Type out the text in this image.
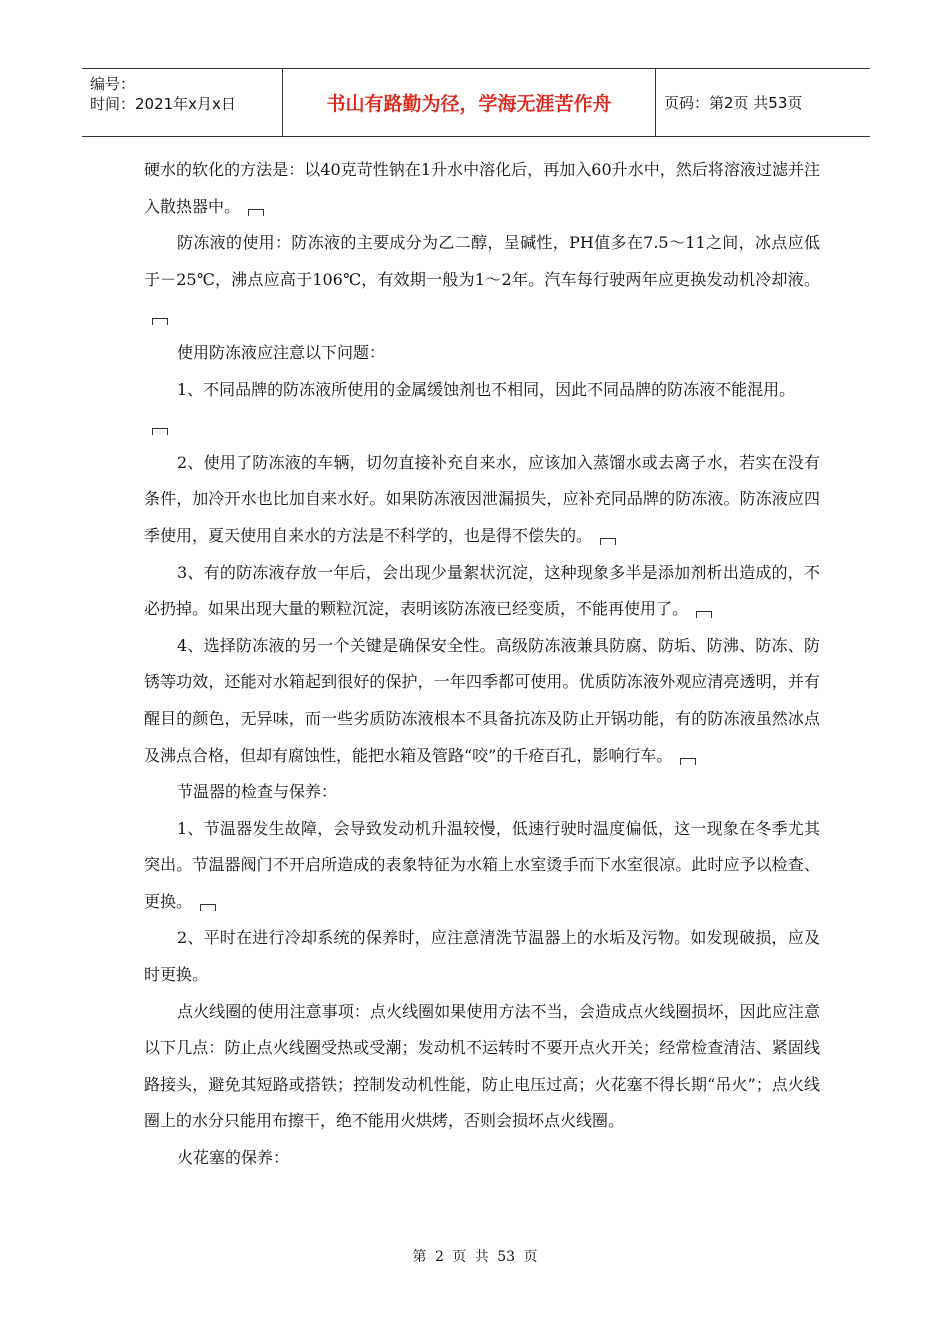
编号：
时间：2021年x月x日	书山有路勤为径，学海无涯苦作舟	页码：第2页 共53页

硬水的软化的方法是：以40克苛性钠在1升水中溶化后，再加入60升水中，然后将溶液过滤并注入散热器中。

防冻液的使用：防冻液的主要成分为乙二醇，呈碱性，PH值多在7.5～11之间，冰点应低于－25℃，沸点应高于106℃，有效期一般为1～2年。汽车每行驶两年应更换发动机冷却液。

使用防冻液应注意以下问题：

1、不同品牌的防冻液所使用的金属缓蚀剂也不相同，因此不同品牌的防冻液不能混用。

2、使用了防冻液的车辆，切勿直接补充自来水，应该加入蒸馏水或去离子水，若实在没有条件，加冷开水也比加自来水好。如果防冻液因泄漏损失，应补充同品牌的防冻液。防冻液应四季使用，夏天使用自来水的方法是不科学的，也是得不偿失的。

3、有的防冻液存放一年后，会出现少量絮状沉淀，这种现象多半是添加剂析出造成的，不必扔掉。如果出现大量的颗粒沉淀，表明该防冻液已经变质，不能再使用了。

4、选择防冻液的另一个关键是确保安全性。高级防冻液兼具防腐、防垢、防沸、防冻、防锈等功效，还能对水箱起到很好的保护，一年四季都可使用。优质防冻液外观应清亮透明，并有醒目的颜色，无异味，而一些劣质防冻液根本不具备抗冻及防止开锅功能，有的防冻液虽然冰点及沸点合格，但却有腐蚀性，能把水箱及管路“咬”的千疮百孔，影响行车。

节温器的检查与保养：

1、节温器发生故障，会导致发动机升温较慢，低速行驶时温度偏低，这一现象在冬季尤其突出。节温器阀门不开启所造成的表象特征为水箱上水室烫手而下水室很凉。此时应予以检查、更换。

2、平时在进行冷却系统的保养时，应注意清洗节温器上的水垢及污物。如发现破损，应及时更换。

点火线圈的使用注意事项：点火线圈如果使用方法不当，会造成点火线圈损坏，因此应注意以下几点：防止点火线圈受热或受潮；发动机不运转时不要开点火开关；经常检查清洁、紧固线路接头，避免其短路或搭铁；控制发动机性能，防止电压过高；火花塞不得长期“吊火”；点火线圈上的水分只能用布擦干，绝不能用火烘烤，否则会损坏点火线圈。

火花塞的保养：

第 2 页 共 53 页
